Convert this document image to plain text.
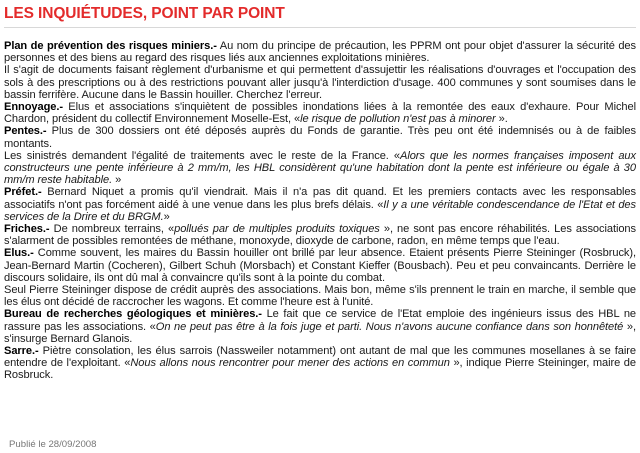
LES INQUIÉTUDES, POINT PAR POINT

Plan de prévention des risques miniers.- Au nom du principe de précaution, les PPRM ont pour objet d'assurer la sécurité des personnes et des biens au regard des risques liés aux anciennes exploitations minières.

Il s'agit de documents faisant règlement d'urbanisme et qui permettent d'assujettir les réalisations d'ouvrages et l'occupation des sols à des prescriptions ou à des restrictions pouvant aller jusqu'à l'interdiction d'usage. 400 communes y sont soumises dans le bassin ferrifère. Aucune dans le Bassin houiller. Cherchez l'erreur.

Ennoyage.- Elus et associations s'inquiètent de possibles inondations liées à la remontée des eaux d'exhaure. Pour Michel Chardon, président du collectif Environnement Moselle-Est, «le risque de pollution n'est pas à minorer ».

Pentes.- Plus de 300 dossiers ont été déposés auprès du Fonds de garantie. Très peu ont été indemnisés ou à de faibles montants.

Les sinistrés demandent l'égalité de traitements avec le reste de la France. «Alors que les normes françaises imposent aux constructeurs une pente inférieure à 2 mm/m, les HBL considèrent qu'une habitation dont la pente est inférieure ou égale à 30 mm/m reste habitable. »

Préfet.- Bernard Niquet a promis qu'il viendrait. Mais il n'a pas dit quand. Et les premiers contacts avec les responsables associatifs n'ont pas forcément aidé à une venue dans les plus brefs délais. «Il y a une véritable condescendance de l'Etat et des services de la Drire et du BRGM.»

Friches.- De nombreux terrains, «pollués par de multiples produits toxiques », ne sont pas encore réhabilités. Les associations s'alarment de possibles remontées de méthane, monoxyde, dioxyde de carbone, radon, en même temps que l'eau.

Elus.- Comme souvent, les maires du Bassin houiller ont brillé par leur absence. Etaient présents Pierre Steininger (Rosbruck), Jean-Bernard Martin (Cocheren), Gilbert Schuh (Morsbach) et Constant Kieffer (Bousbach). Peu et peu convaincants. Derrière le discours solidaire, ils ont dû mal à convaincre qu'ils sont à la pointe du combat.

Seul Pierre Steininger dispose de crédit auprès des associations. Mais bon, même s'ils prennent le train en marche, il semble que les élus ont décidé de raccrocher les wagons. Et comme l'heure est à l'unité.

Bureau de recherches géologiques et minières.- Le fait que ce service de l'Etat emploie des ingénieurs issus des HBL ne rassure pas les associations. «On ne peut pas être à la fois juge et parti. Nous n'avons aucune confiance dans son honnêteté », s'insurge Bernard Glanois.

Sarre.- Piètre consolation, les élus sarrois (Nassweiler notamment) ont autant de mal que les communes mosellanes à se faire entendre de l'exploitant. «Nous allons nous rencontrer pour mener des actions en commun », indique Pierre Steininger, maire de Rosbruck.

Publié le 28/09/2008
